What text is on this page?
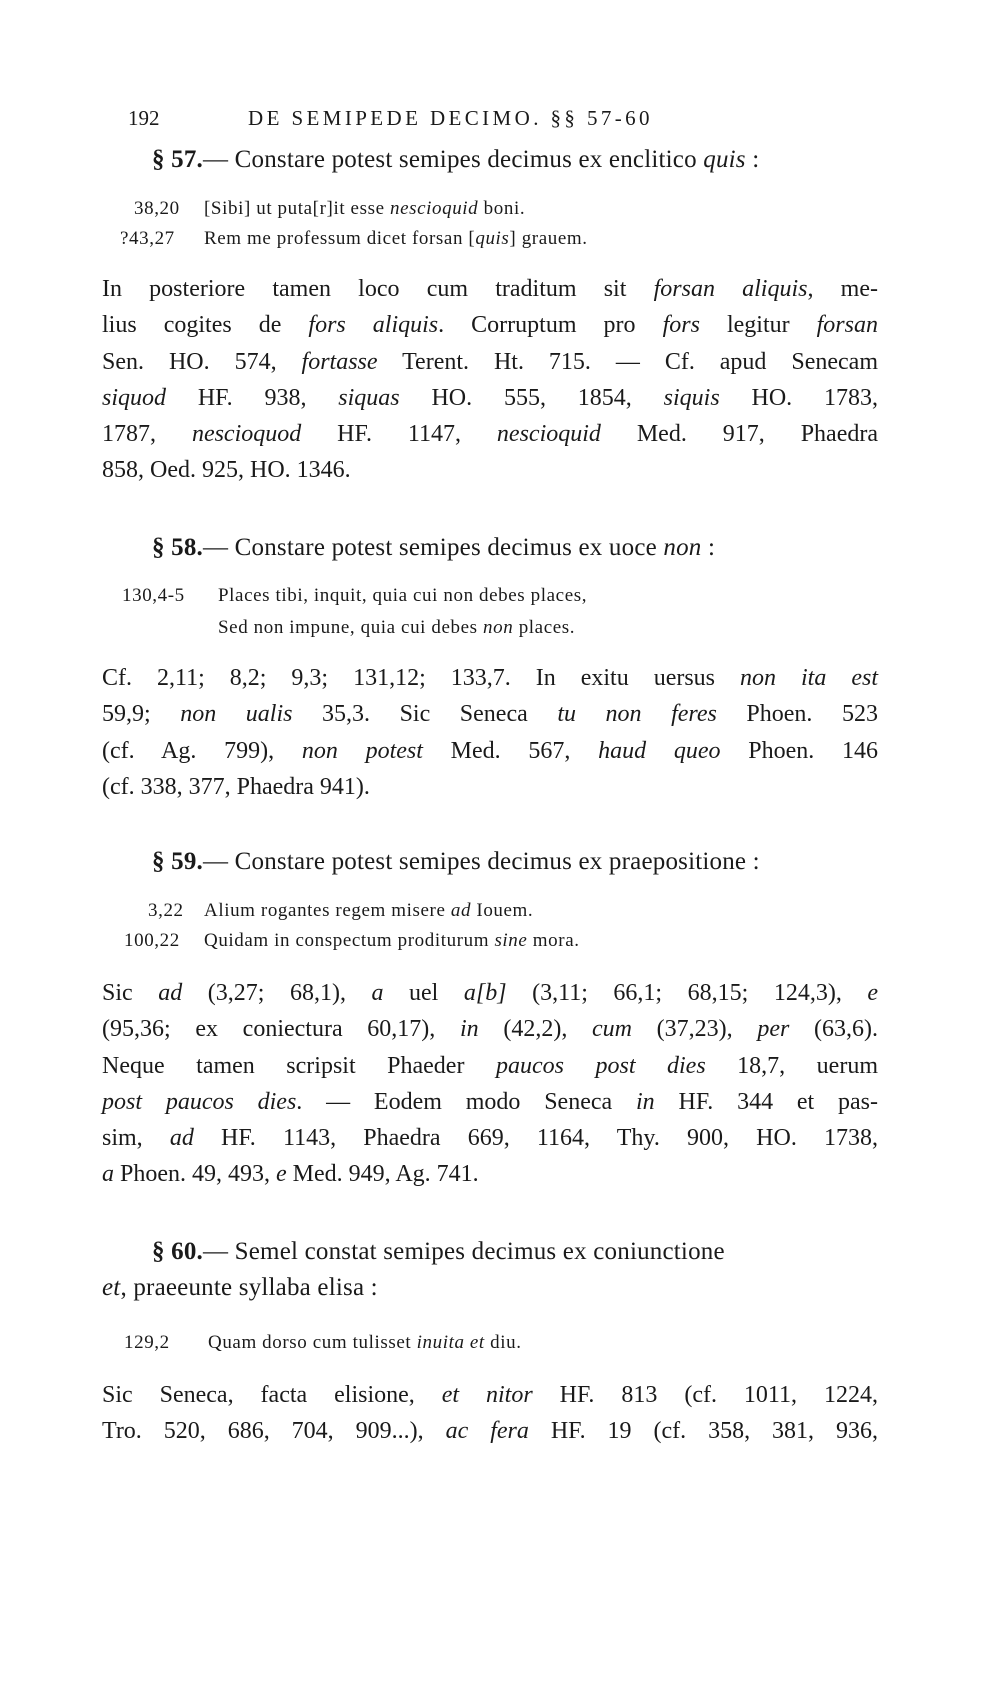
192	DE SEMIPEDE DECIMO. §§ 57-60
§ 57.— Constare potest semipes decimus ex enclitico quis :
38,20 [Sibi] ut puta[r]it esse nescioquid boni.
?43,27 Rem me professum dicet forsan [quis] grauem.
In posteriore tamen loco cum traditum sit forsan aliquis, me-
lius cogites de fors aliquis. Corruptum pro fors legitur forsan
Sen. HO. 574, fortasse Terent. Ht. 715. — Cf. apud Senecam
siquod HF. 938, siquas HO. 555, 1854, siquis HO. 1783,
1787, nescioquod HF. 1147, nescioquid Med. 917, Phaedra
858, Oed. 925, HO. 1346.
§ 58.— Constare potest semipes decimus ex uoce non :
130,4-5 Places tibi, inquit, quia cui non debes places,
Sed non impune, quia cui debes non places.
Cf. 2,11; 8,2; 9,3; 131,12; 133,7. In exitu uersus non ita est
59,9; non ualis 35,3. Sic Seneca tu non feres Phoen. 523
(cf. Ag. 799), non potest Med. 567, haud queo Phoen. 146
(cf. 338, 377, Phaedra 941).
§ 59.— Constare potest semipes decimus ex praepositione :
3,22 Alium rogantes regem misere ad Iouem.
100,22 Quidam in conspectum proditurum sine mora.
Sic ad (3,27; 68,1), a uel a[b] (3,11; 66,1; 68,15; 124,3), e
(95,36; ex coniectura 60,17), in (42,2), cum (37,23), per (63,6).
Neque tamen scripsit Phaeder paucos post dies 18,7, uerum
post paucos dies. — Eodem modo Seneca in HF. 344 et pas-
sim, ad HF. 1143, Phaedra 669, 1164, Thy. 900, HO. 1738,
a Phoen. 49, 493, e Med. 949, Ag. 741.
§ 60.— Semel constat semipes decimus ex coniunctione
et, praeeunte syllaba elisa :
129,2 Quam dorso cum tulisset inuita et diu.
Sic Seneca, facta elisione, et nitor HF. 813 (cf. 1011, 1224,
Tro. 520, 686, 704, 909...), ac fera HF. 19 (cf. 358, 381, 936,
